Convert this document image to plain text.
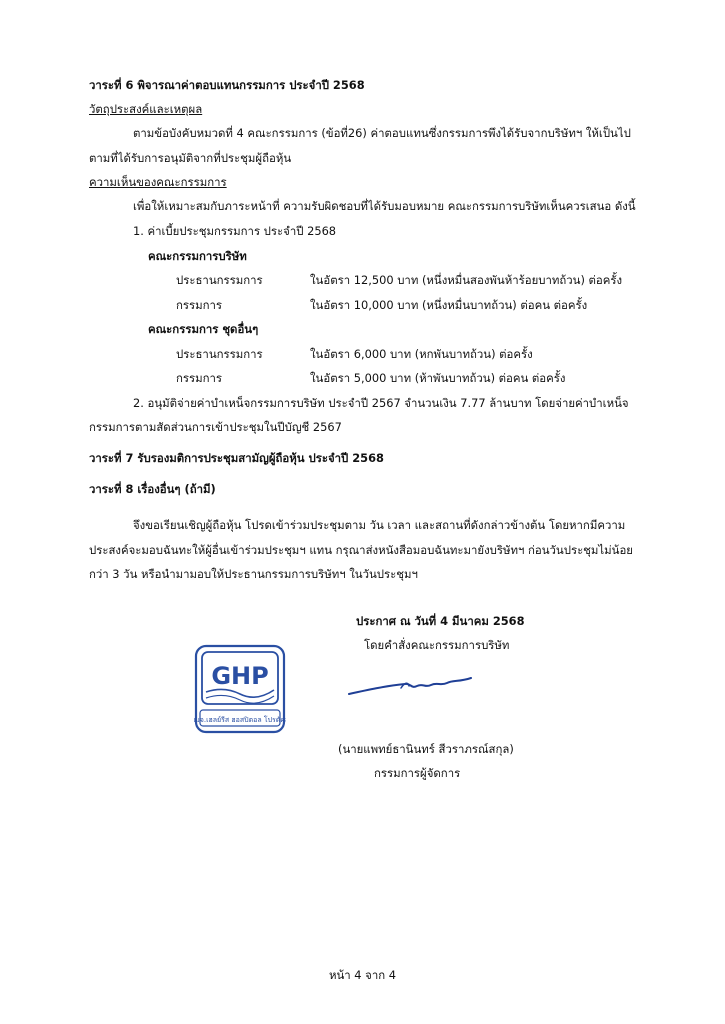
วาระที่ 6 พิจารณาค่าตอบแทนกรรมการ ประจำปี 2568
วัตถุประสงค์และเหตุผล
ตามข้อบังคับหมวดที่ 4 คณะกรรมการ (ข้อที่26) ค่าตอบแทนซึ่งกรรมการพึงได้รับจากบริษัทฯ ให้เป็นไป
ตามที่ได้รับการอนุมัติจากที่ประชุมผู้ถือหุ้น
ความเห็นของคณะกรรมการ
เพื่อให้เหมาะสมกับภาระหน้าที่ ความรับผิดชอบที่ได้รับมอบหมาย คณะกรรมการบริษัทเห็นควรเสนอ ดังนี้
1. ค่าเบี้ยประชุมกรรมการ ประจำปี 2568
คณะกรรมการบริษัท
ประธานกรรมการ	ในอัตรา 12,500 บาท (หนึ่งหมื่นสองพันห้าร้อยบาทถ้วน) ต่อครั้ง
กรรมการ	ในอัตรา 10,000 บาท (หนึ่งหมื่นบาทถ้วน) ต่อคน ต่อครั้ง
คณะกรรมการ ชุดอื่นๆ
ประธานกรรมการ	ในอัตรา 6,000 บาท (หกพันบาทถ้วน) ต่อครั้ง
กรรมการ	ในอัตรา 5,000 บาท (ห้าพันบาทถ้วน) ต่อคน ต่อครั้ง
2. อนุมัติจ่ายค่าบำเหน็จกรรมการบริษัท ประจำปี 2567 จำนวนเงิน 7.77 ล้านบาท โดยจ่ายค่าบำเหน็จ
กรรมการตามสัดส่วนการเข้าประชุมในปีบัญชี 2567
วาระที่ 7 รับรองมติการประชุมสามัญผู้ถือหุ้น ประจำปี 2568
วาระที่ 8 เรื่องอื่นๆ (ถ้ามี)
จึงขอเรียนเชิญผู้ถือหุ้น โปรดเข้าร่วมประชุมตาม วัน เวลา และสถานที่ดังกล่าวข้างต้น โดยหากมีความ
ประสงค์จะมอบฉันทะให้ผู้อื่นเข้าร่วมประชุมฯ แทน กรุณาส่งหนังสือมอบฉันทะมายังบริษัทฯ ก่อนวันประชุมไม่น้อย
กว่า 3 วัน หรือนำมามอบให้ประธานกรรมการบริษัทฯ ในวันประชุมฯ
ประกาศ ณ วันที่ 4 มีนาคม 2568
โดยคำสั่งคณะกรรมการบริษัท
GHP
บมจ.เฮลย์รีส ฮอสปิตอล โปรดัคส์
(นายแพทย์ธานินทร์ สีวราภรณ์สกุล)
กรรมการผู้จัดการ
หน้า 4 จาก 4
